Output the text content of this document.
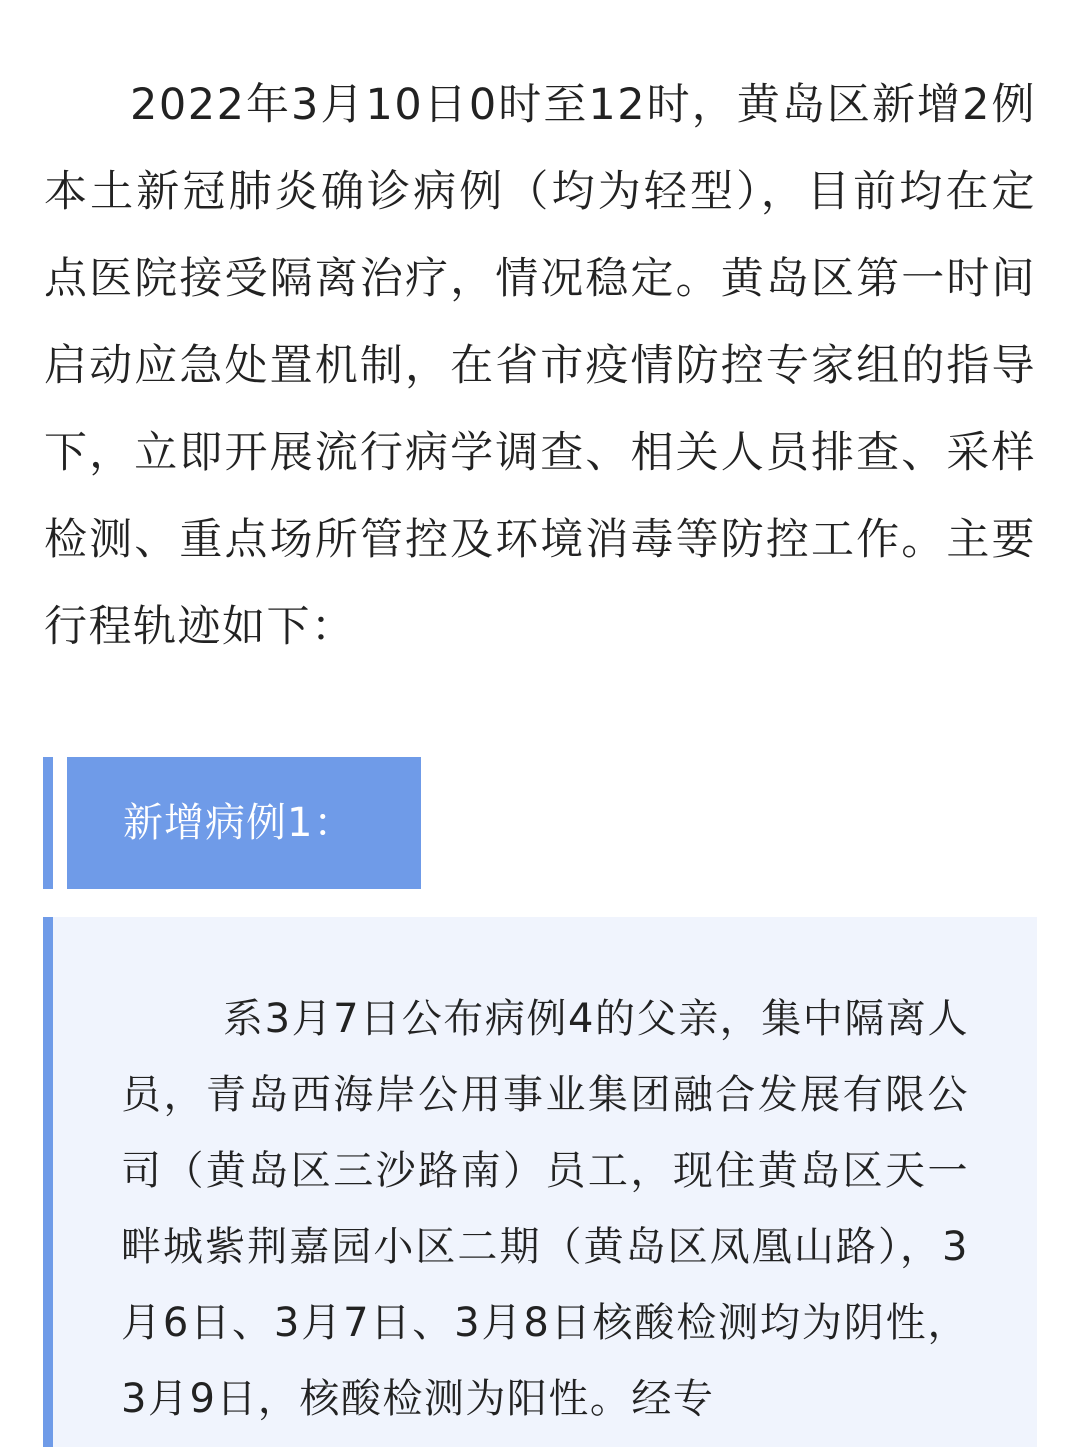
2022年3月10日0时至12时，黄岛区新增2例本土新冠肺炎确诊病例（均为轻型），目前均在定点医院接受隔离治疗，情况稳定。黄岛区第一时间启动应急处置机制，在省市疫情防控专家组的指导下，立即开展流行病学调查、相关人员排查、采样检测、重点场所管控及环境消毒等防控工作。主要行程轨迹如下：

新增病例1：

系3月7日公布病例4的父亲，集中隔离人员，青岛西海岸公用事业集团融合发展有限公司（黄岛区三沙路南）员工，现住黄岛区天一畔城紫荆嘉园小区二期（黄岛区凤凰山路），3月6日、3月7日、3月8日核酸检测均为阴性，3月9日，核酸检测为阳性。经专
